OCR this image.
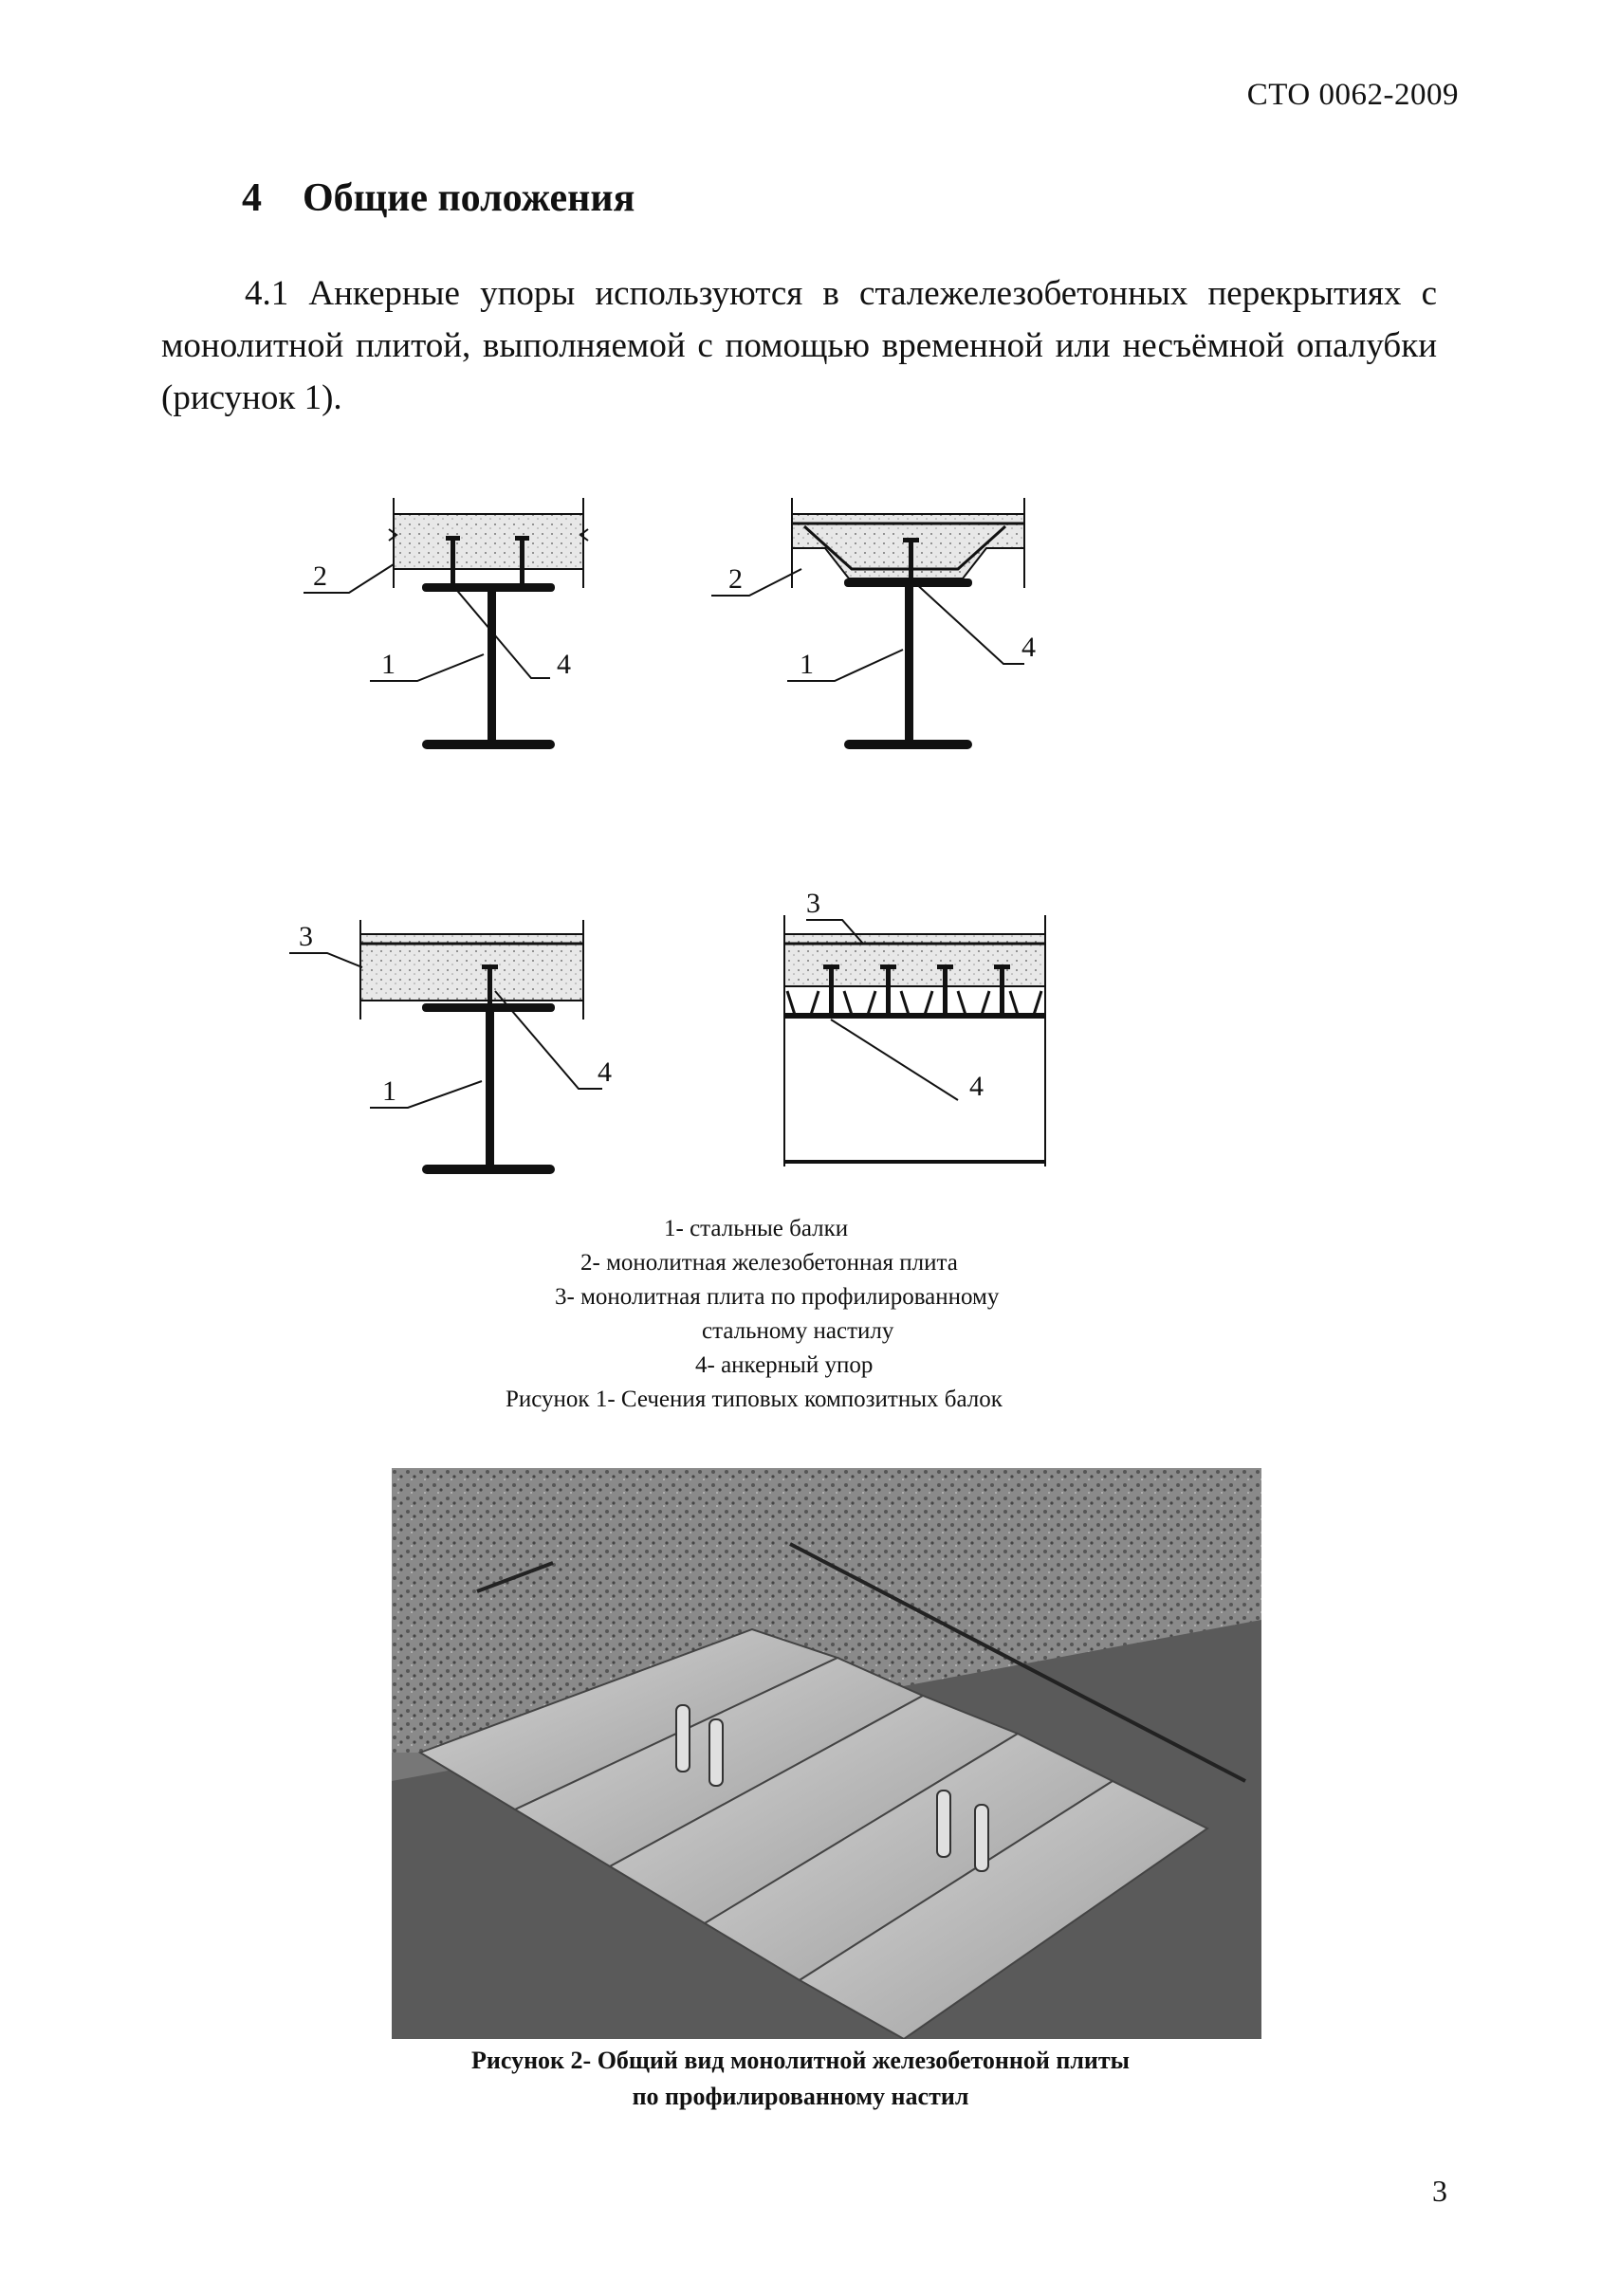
СТО 0062-2009
4 Общие положения

4.1 Анкерные упоры используются в сталежелезобетонных перекрытиях с монолитной плитой, выполняемой с помощью временной или несъёмной опалубки (рисунок 1).

2
1	4
2
1
4
3
1
4
3
4
1- стальные балки
2- монолитная железобетонная плита
3- монолитная плита по профилированному
стальному настилу
4- анкерный упор
Рисунок 1- Сечения типовых композитных балок
Рисунок 2- Общий вид монолитной железобетонной плиты
по профилированному настил
3
